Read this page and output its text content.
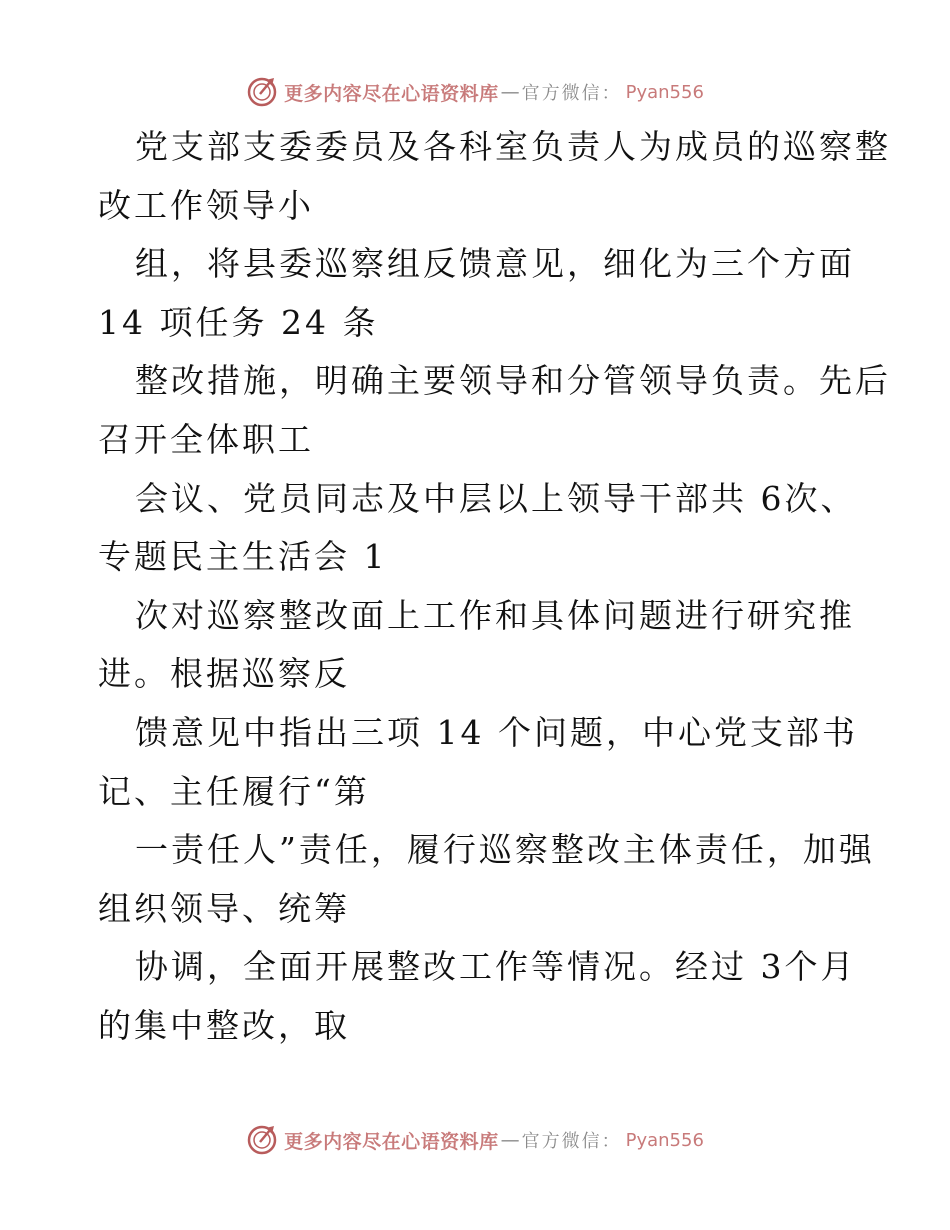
更多内容尽在心语资料库 — 官方微信： Pyan556
党支部支委委员及各科室负责人为成员的巡察整
改工作领导小
组，将县委巡察组反馈意见，细化为三个方面
14 项任务 24 条
整改措施，明确主要领导和分管领导负责。先后
召开全体职工
会议、党员同志及中层以上领导干部共 6次、
专题民主生活会 1
次对巡察整改面上工作和具体问题进行研究推
进。根据巡察反
馈意见中指出三项 14 个问题，中心党支部书
记、主任履行“第
一责任人”责任，履行巡察整改主体责任，加强
组织领导、统筹
协调，全面开展整改工作等情况。经过 3个月
的集中整改，取
更多内容尽在心语资料库 — 官方微信： Pyan556
